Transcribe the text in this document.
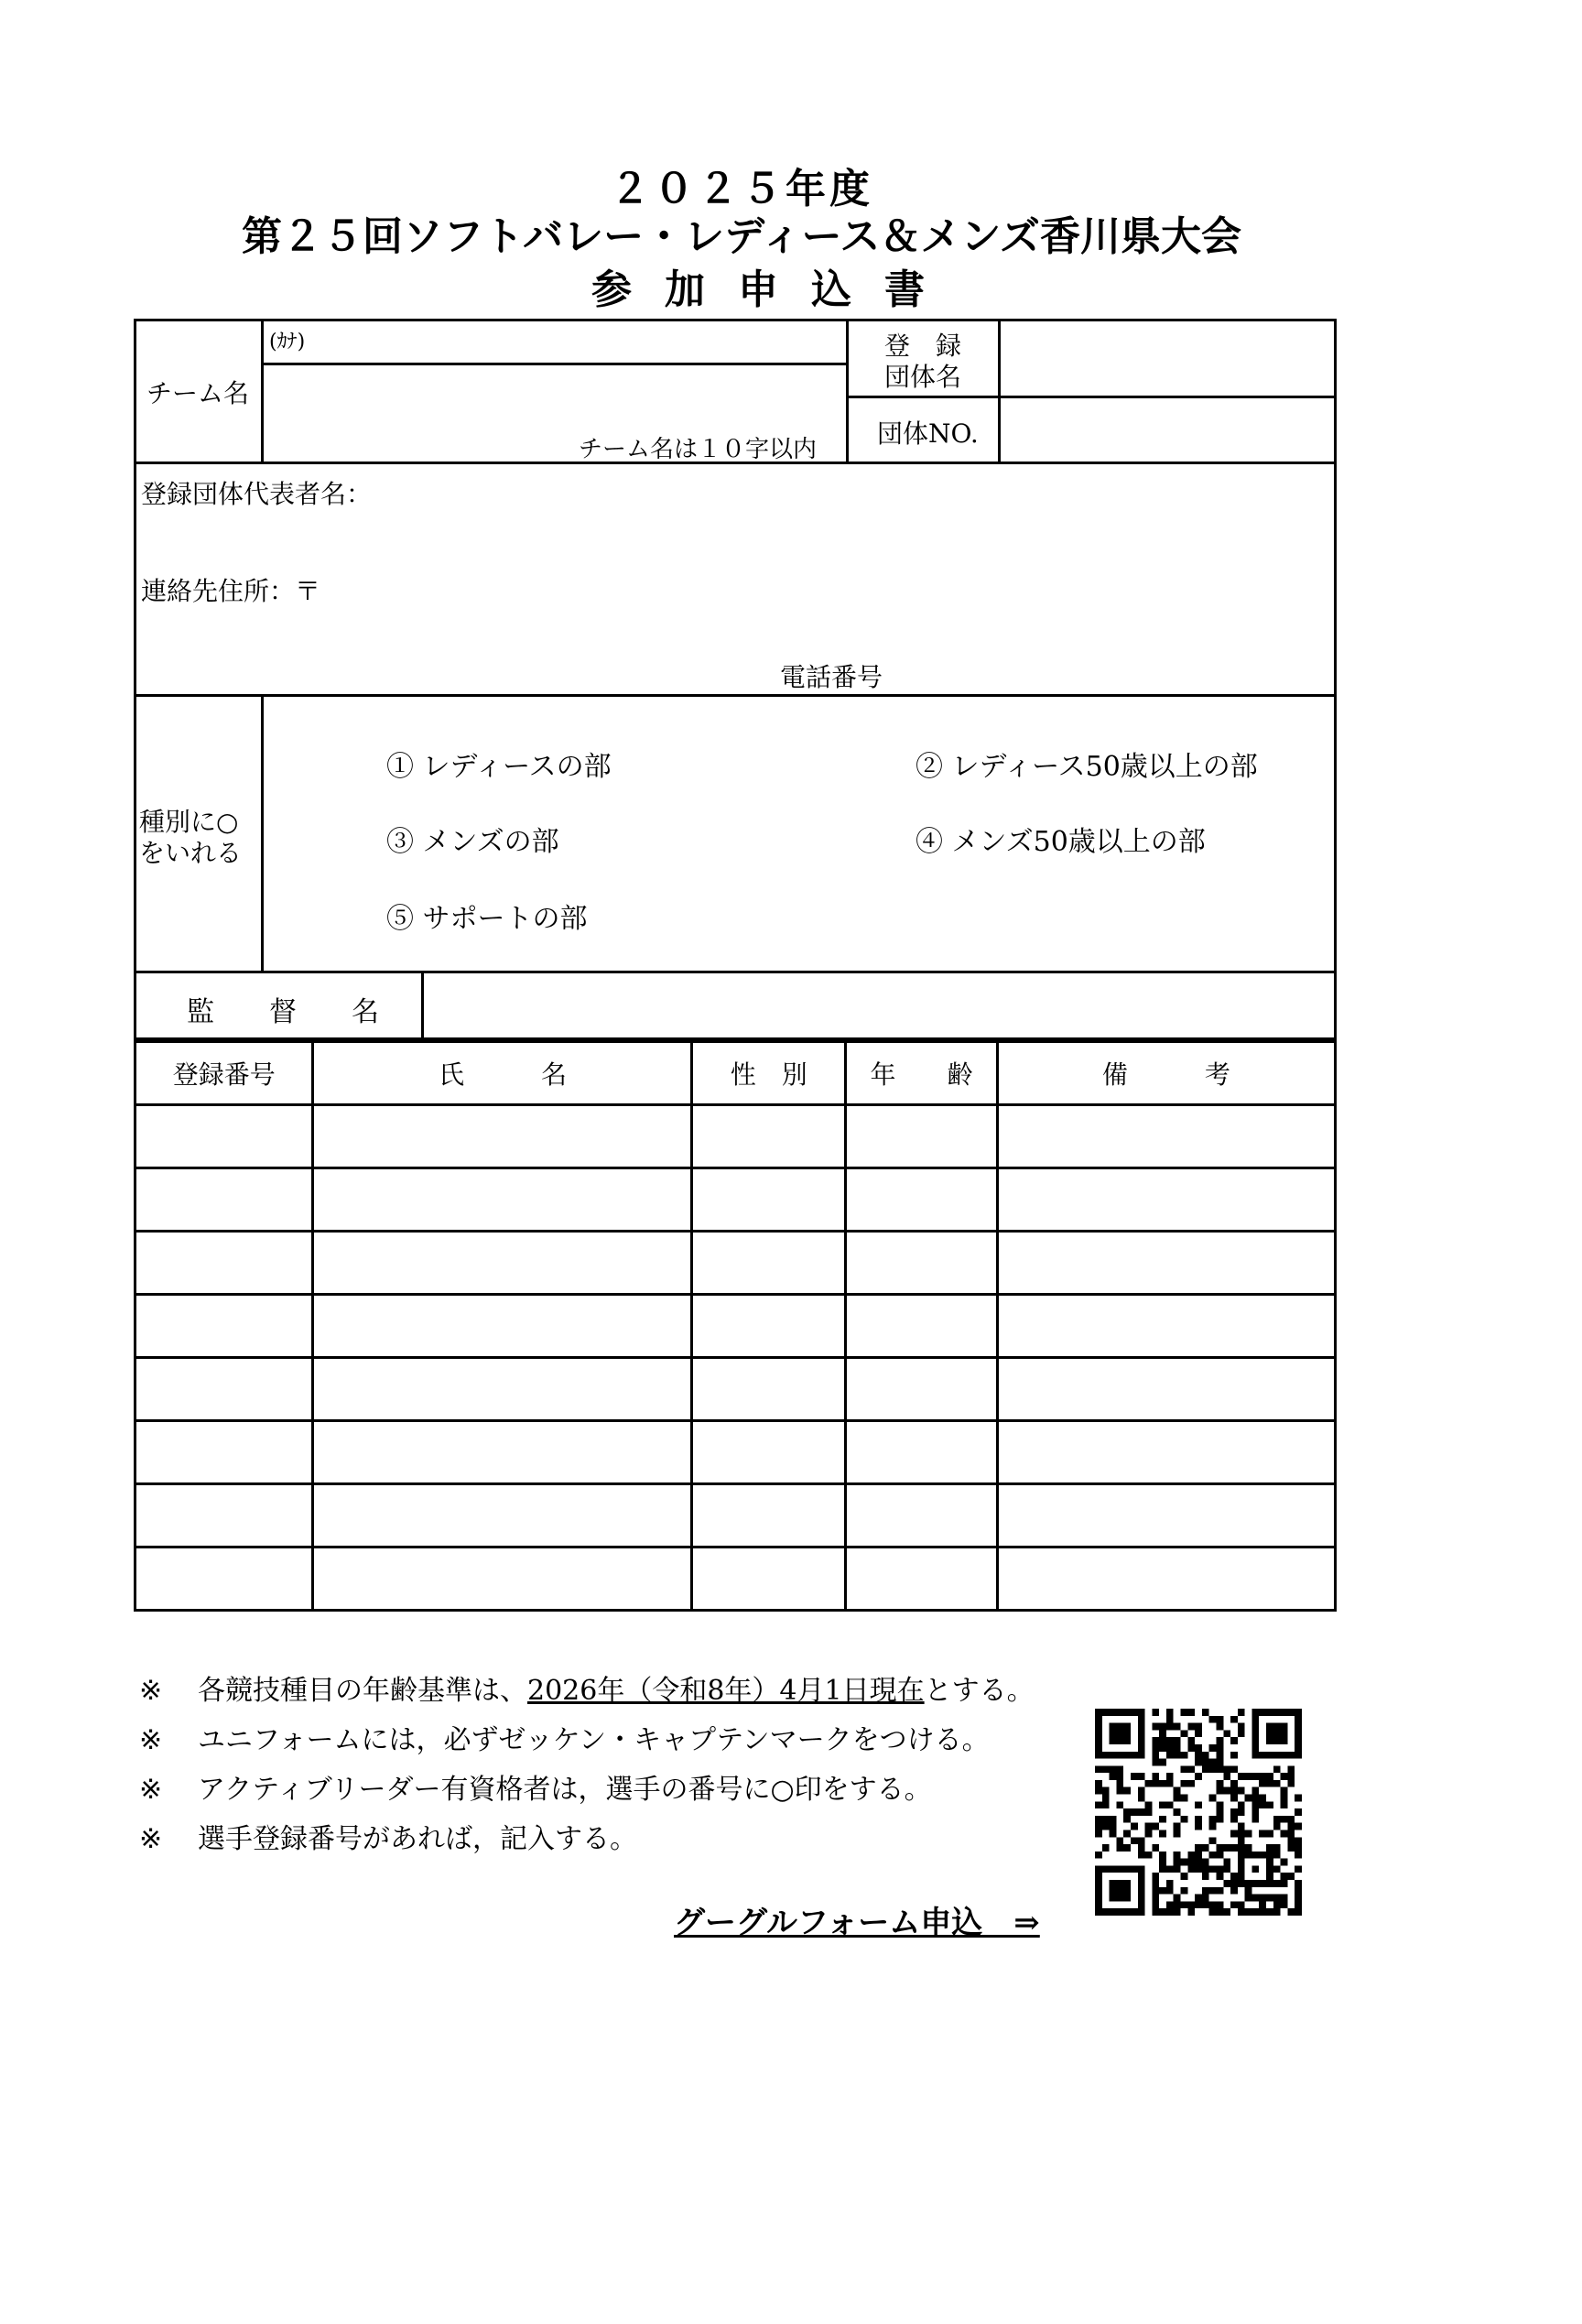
２０２５年度
第２５回ソフトバレー・レディース＆メンズ香川県大会
参加申込書
チーム名
(ｶﾅ)
チーム名は１０字以内
登　録
団体名
団体NO.
登録団体代表者名：
連絡先住所：〒
電話番号
種別に○
をいれる
① レディースの部	② レディース50歳以上の部
③ メンズの部	④ メンズ50歳以上の部
⑤ サポートの部
監　　督　　名
登録番号	氏　　　名	性　別	年　　齢	備　　　考

※ 各競技種目の年齢基準は、2026年（令和8年）4月1日現在とする。
※ ユニフォームには，必ずゼッケン・キャプテンマークをつける。
※ アクティブリーダー有資格者は，選手の番号に○印をする。
※ 選手登録番号があれば，記入する。
グーグルフォーム申込　⇒
